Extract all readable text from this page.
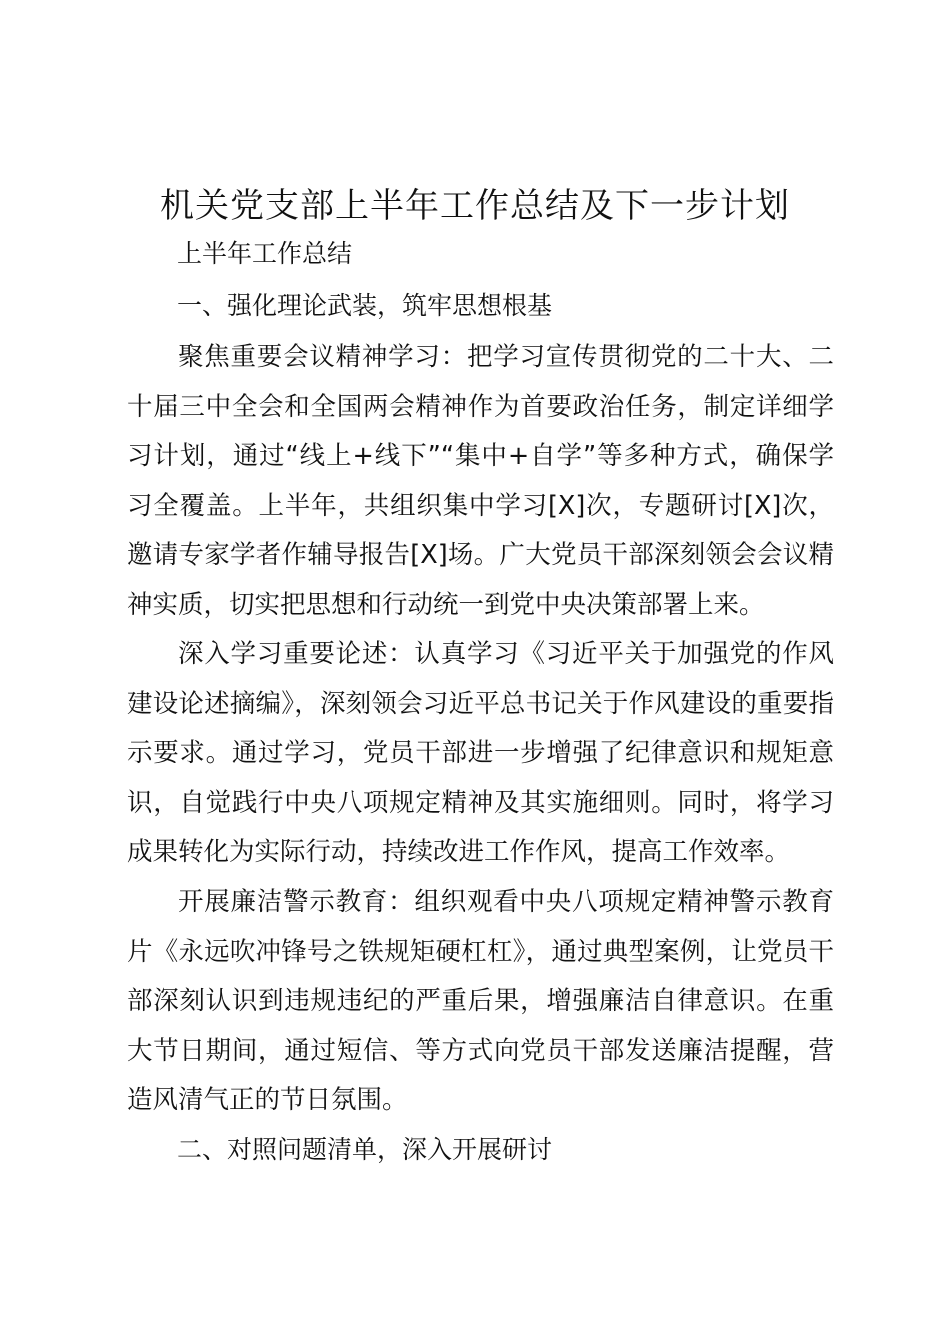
机关党支部上半年工作总结及下一步计划
上半年工作总结
一、强化理论武装，筑牢思想根基

聚焦重要会议精神学习：把学习宣传贯彻党的二十大、二十届三中全会和全国两会精神作为首要政治任务，制定详细学习计划，通过“线上+线下”“集中+自学”等多种方式，确保学习全覆盖。上半年，共组织集中学习[X]次，专题研讨[X]次，邀请专家学者作辅导报告[X]场。广大党员干部深刻领会会议精神实质，切实把思想和行动统一到党中央决策部署上来。

深入学习重要论述：认真学习《习近平关于加强党的作风建设论述摘编》，深刻领会习近平总书记关于作风建设的重要指示要求。通过学习，党员干部进一步增强了纪律意识和规矩意识，自觉践行中央八项规定精神及其实施细则。同时，将学习成果转化为实际行动，持续改进工作作风，提高工作效率。

开展廉洁警示教育：组织观看中央八项规定精神警示教育片《永远吹冲锋号之铁规矩硬杠杠》，通过典型案例，让党员干部深刻认识到违规违纪的严重后果，增强廉洁自律意识。在重大节日期间，通过短信、等方式向党员干部发送廉洁提醒，营造风清气正的节日氛围。

二、对照问题清单，深入开展研讨
